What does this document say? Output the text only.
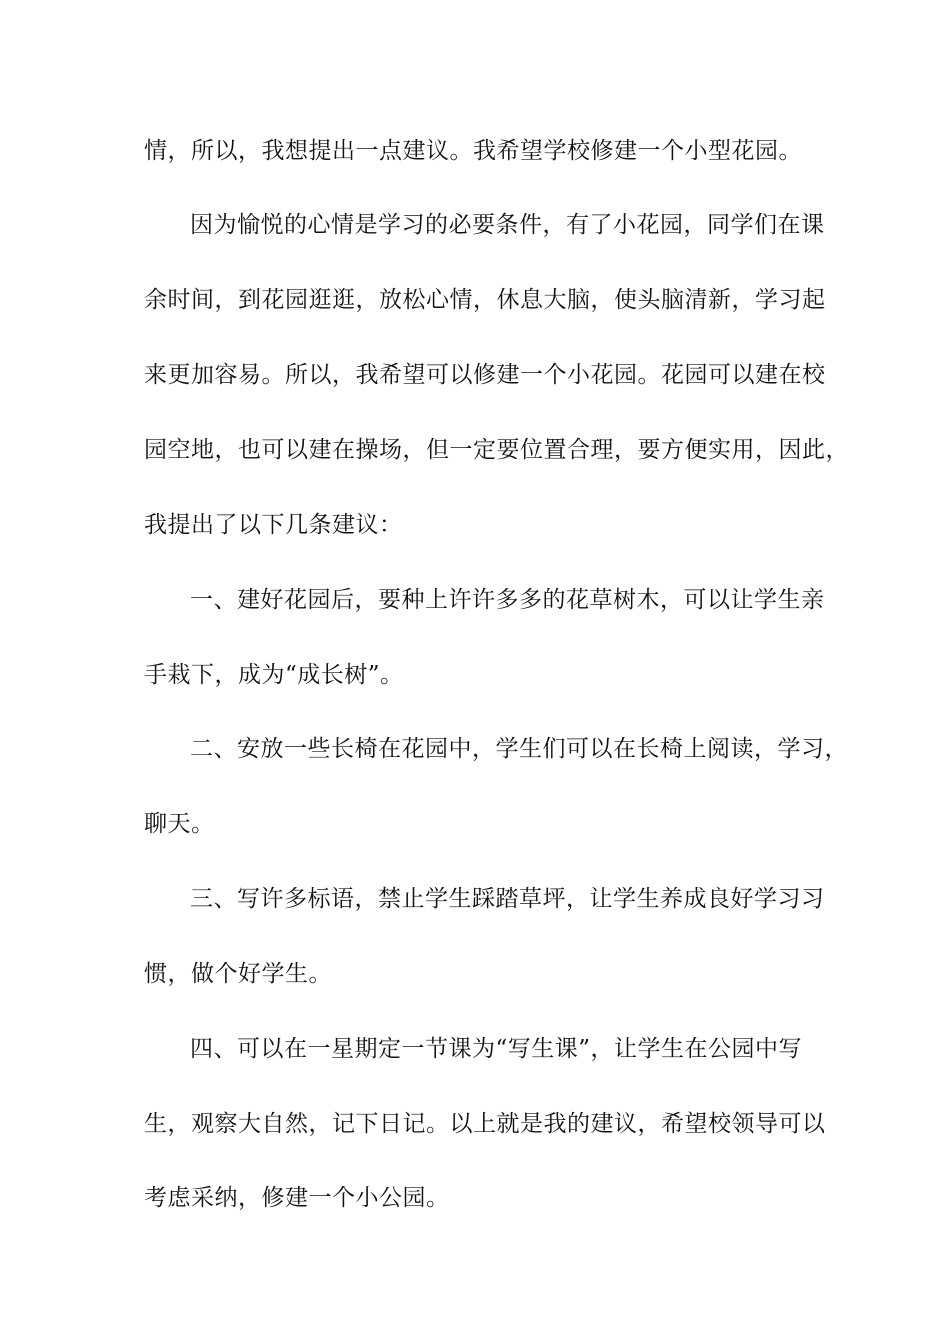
情，所以，我想提出一点建议。我希望学校修建一个小型花园。
因为愉悦的心情是学习的必要条件，有了小花园，同学们在课
余时间，到花园逛逛，放松心情，休息大脑，使头脑清新，学习起
来更加容易。所以，我希望可以修建一个小花园。花园可以建在校
园空地，也可以建在操场，但一定要位置合理，要方便实用，因此，
我提出了以下几条建议：
一、建好花园后，要种上许许多多的花草树木，可以让学生亲
手栽下，成为“成长树”。
二、安放一些长椅在花园中，学生们可以在长椅上阅读，学习，
聊天。
三、写许多标语，禁止学生踩踏草坪，让学生养成良好学习习
惯，做个好学生。
四、可以在一星期定一节课为“写生课”，让学生在公园中写
生，观察大自然，记下日记。以上就是我的建议，希望校领导可以
考虑采纳，修建一个小公园。
